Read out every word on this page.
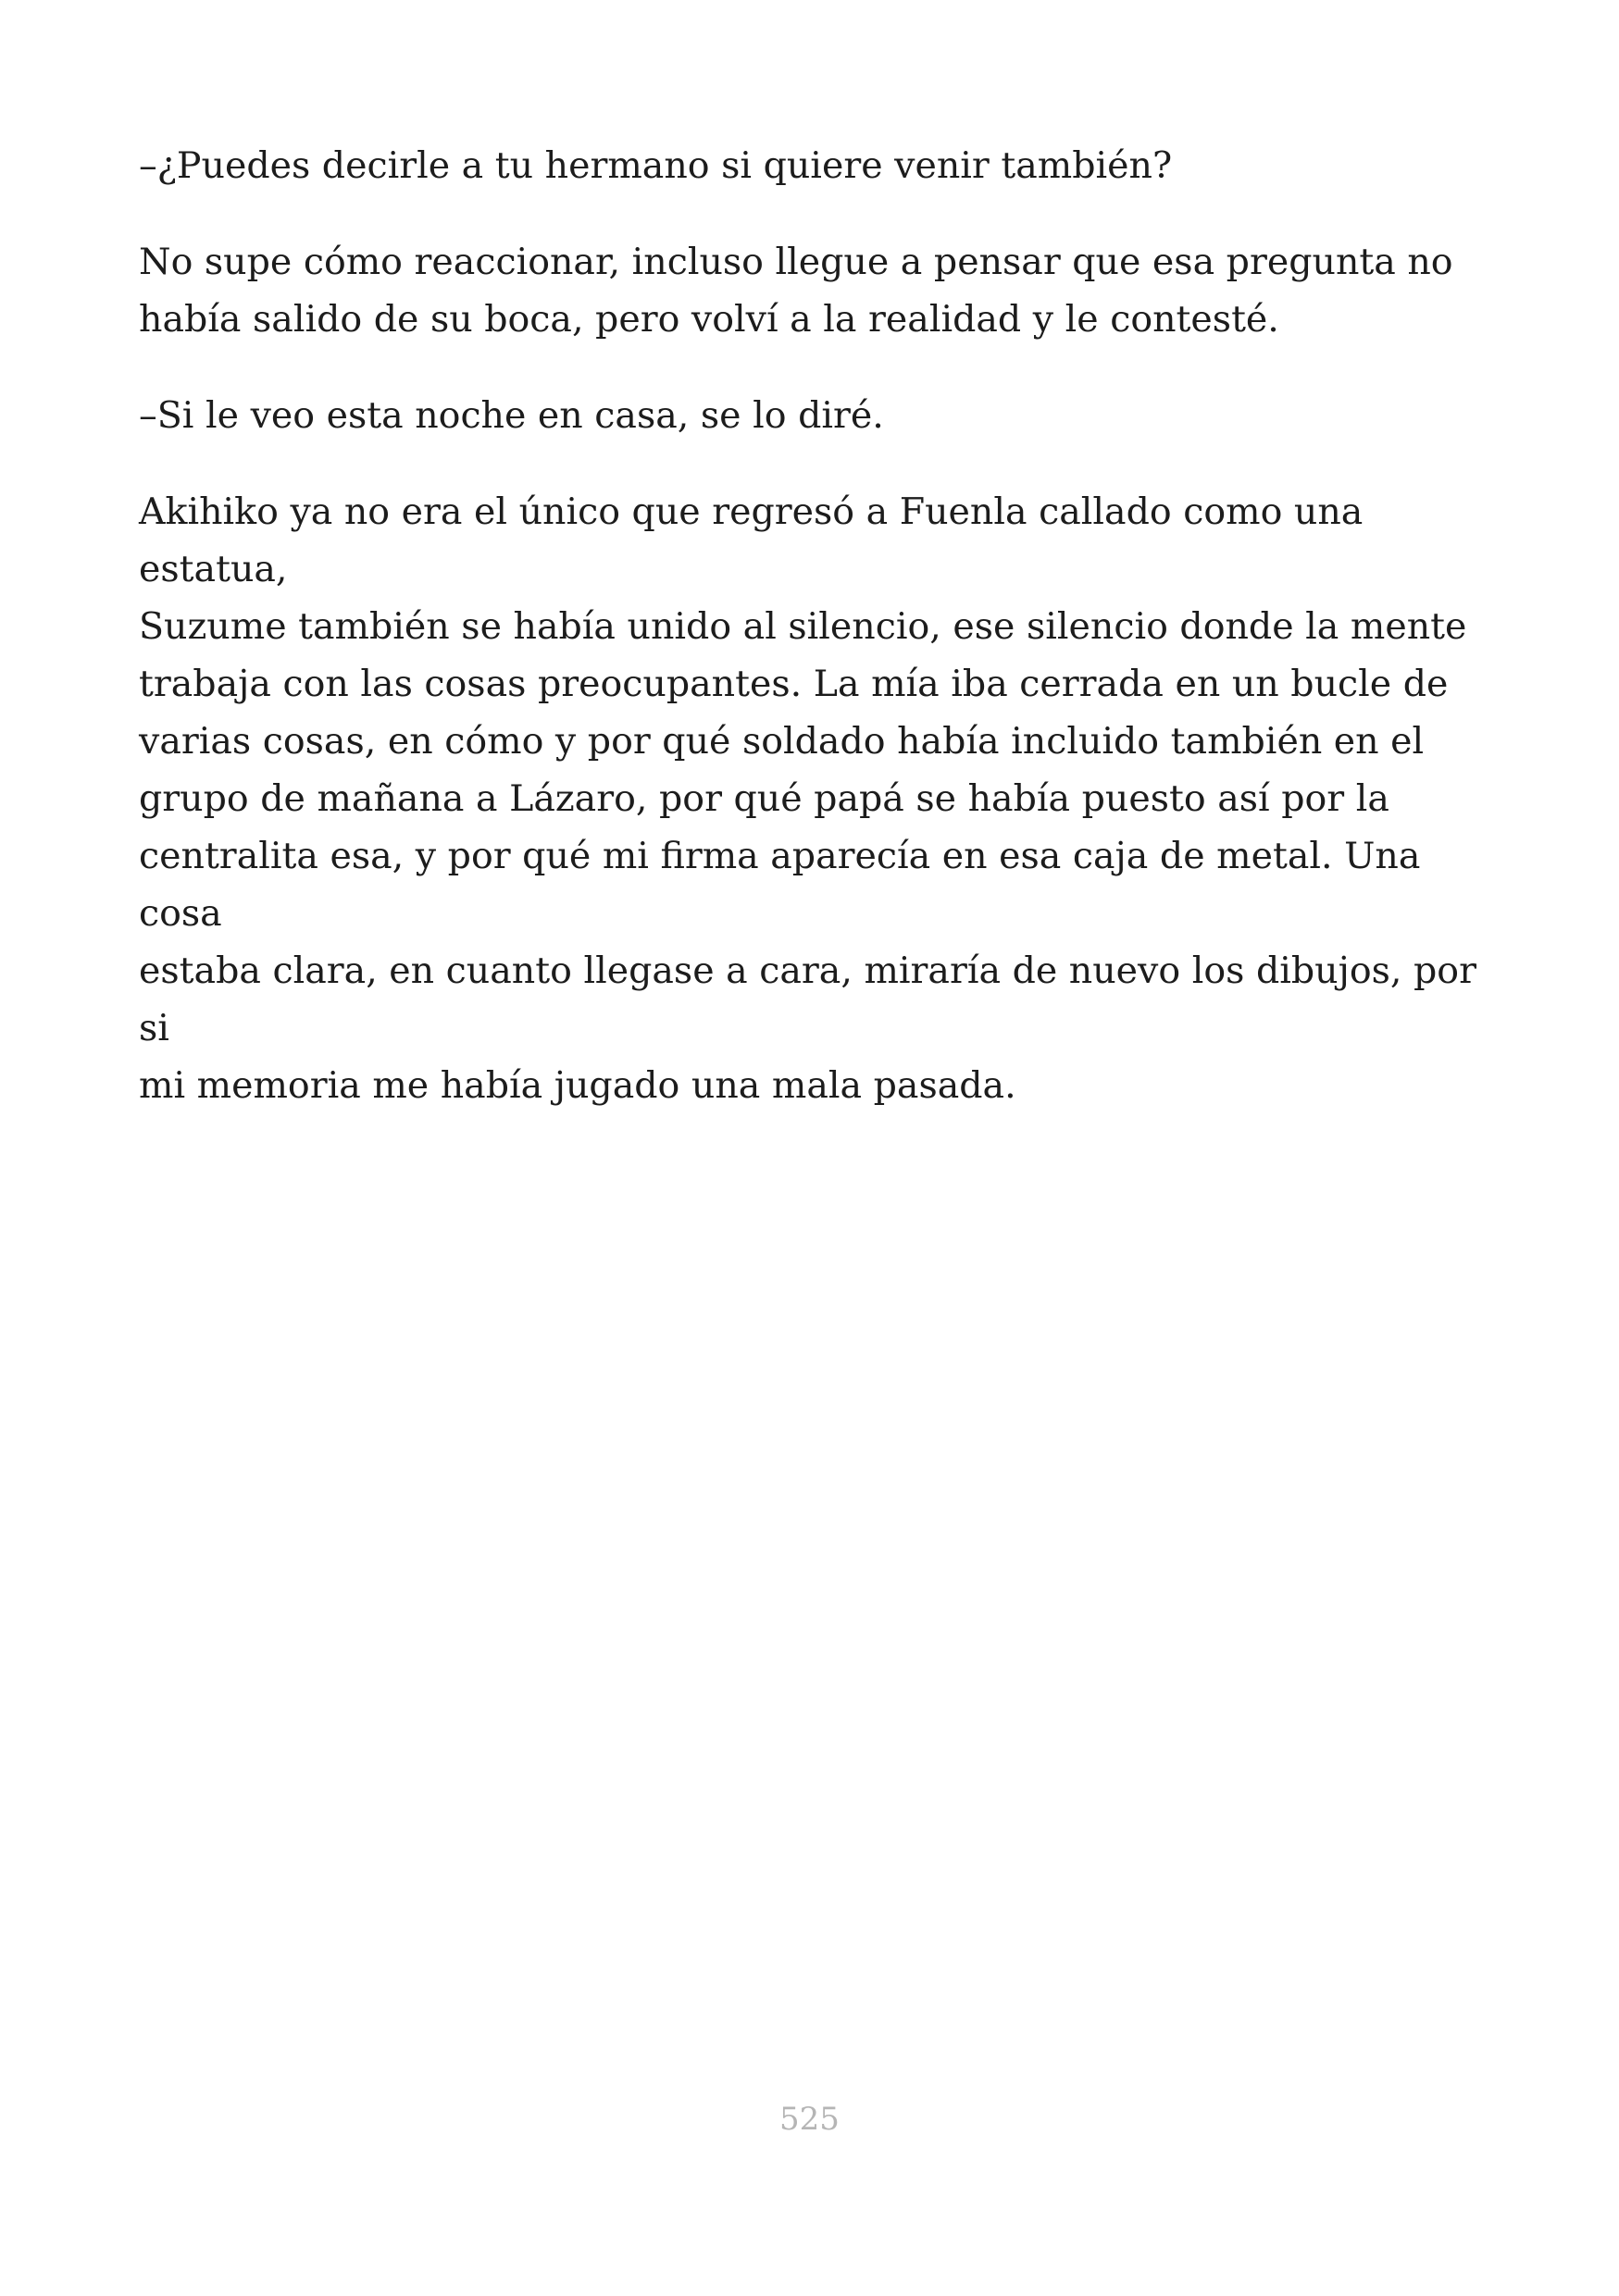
–¿Puedes decirle a tu hermano si quiere venir también?

No supe cómo reaccionar, incluso llegue a pensar que esa pregunta no
había salido de su boca, pero volví a la realidad y le contesté.

–Si le veo esta noche en casa, se lo diré.

Akihiko ya no era el único que regresó a Fuenla callado como una estatua,
Suzume también se había unido al silencio, ese silencio donde la mente
trabaja con las cosas preocupantes. La mía iba cerrada en un bucle de
varias cosas, en cómo y por qué soldado había incluido también en el
grupo de mañana a Lázaro, por qué papá se había puesto así por la
centralita esa, y por qué mi firma aparecía en esa caja de metal. Una cosa
estaba clara, en cuanto llegase a cara, miraría de nuevo los dibujos, por si
mi memoria me había jugado una mala pasada.

525
